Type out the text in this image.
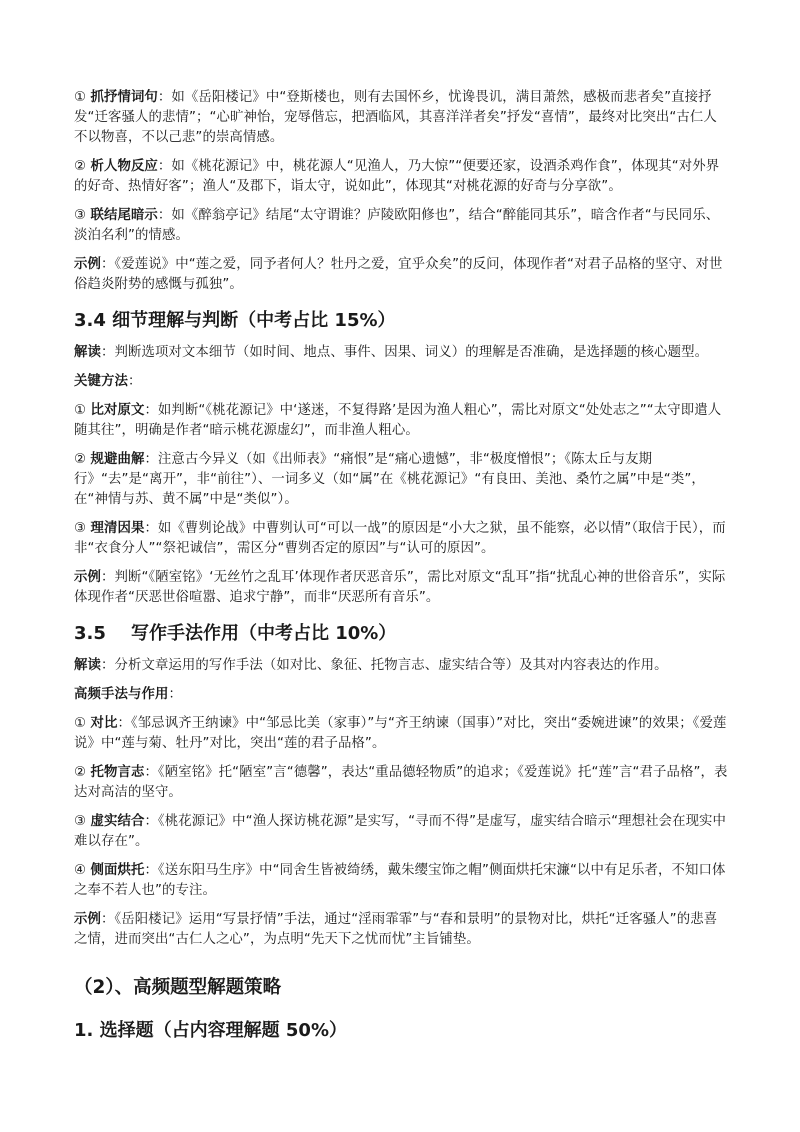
① 抓抒情词句：如《岳阳楼记》中“登斯楼也，则有去国怀乡，忧谗畏讥，满目萧然，感极而悲者矣”直接抒发“迁客骚人的悲情”；“心旷神怡，宠辱偕忘，把酒临风，其喜洋洋者矣”抒发“喜情”，最终对比突出“古仁人不以物喜，不以己悲”的崇高情感。

② 析人物反应：如《桃花源记》中，桃花源人“见渔人，乃大惊”“便要还家，设酒杀鸡作食”，体现其“对外界的好奇、热情好客”；渔人“及郡下，诣太守，说如此”，体现其“对桃花源的好奇与分享欲”。

③ 联结尾暗示：如《醉翁亭记》结尾“太守谓谁？庐陵欧阳修也”，结合“醉能同其乐”，暗含作者“与民同乐、淡泊名利”的情感。

示例：《爱莲说》中“莲之爱，同予者何人？牡丹之爱，宜乎众矣”的反问，体现作者“对君子品格的坚守、对世俗趋炎附势的感慨与孤独”。

3.4 细节理解与判断（中考占比 15%）

解读：判断选项对文本细节（如时间、地点、事件、因果、词义）的理解是否准确，是选择题的核心题型。

关键方法：

① 比对原文：如判断“《桃花源记》中‘遂迷，不复得路’是因为渔人粗心”，需比对原文“处处志之”“太守即遣人随其往”，明确是作者“暗示桃花源虚幻”，而非渔人粗心。

② 规避曲解：注意古今异义（如《出师表》“痛恨”是“痛心遗憾”，非“极度憎恨”；《陈太丘与友期行》“去”是“离开”，非“前往”）、一词多义（如“属”在《桃花源记》“有良田、美池、桑竹之属”中是“类”，在“神情与苏、黄不属”中是“类似”）。

③ 理清因果：如《曹刿论战》中曹刿认可“可以一战”的原因是“小大之狱，虽不能察，必以情”（取信于民），而非“衣食分人”“祭祀诚信”，需区分“曹刿否定的原因”与“认可的原因”。

示例：判断“《陋室铭》‘无丝竹之乱耳’体现作者厌恶音乐”，需比对原文“乱耳”指“扰乱心神的世俗音乐”，实际体现作者“厌恶世俗喧嚣、追求宁静”，而非“厌恶所有音乐”。

3.5    写作手法作用（中考占比 10%）

解读：分析文章运用的写作手法（如对比、象征、托物言志、虚实结合等）及其对内容表达的作用。

高频手法与作用：

① 对比：《邹忌讽齐王纳谏》中“邹忌比美（家事）”与“齐王纳谏（国事）”对比，突出“委婉进谏”的效果；《爱莲说》中“莲与菊、牡丹”对比，突出“莲的君子品格”。

② 托物言志：《陋室铭》托“陋室”言“德馨”，表达“重品德轻物质”的追求；《爱莲说》托“莲”言“君子品格”，表达对高洁的坚守。

③ 虚实结合：《桃花源记》中“渔人探访桃花源”是实写，“寻而不得”是虚写，虚实结合暗示“理想社会在现实中难以存在”。

④ 侧面烘托：《送东阳马生序》中“同舍生皆被绮绣，戴朱缨宝饰之帽”侧面烘托宋濂“以中有足乐者，不知口体之奉不若人也”的专注。

示例：《岳阳楼记》运用“写景抒情”手法，通过“淫雨霏霏”与“春和景明”的景物对比，烘托“迁客骚人”的悲喜之情，进而突出“古仁人之心”，为点明“先天下之忧而忧”主旨铺垫。

（2）、高频题型解题策略
1. 选择题（占内容理解题 50%）
